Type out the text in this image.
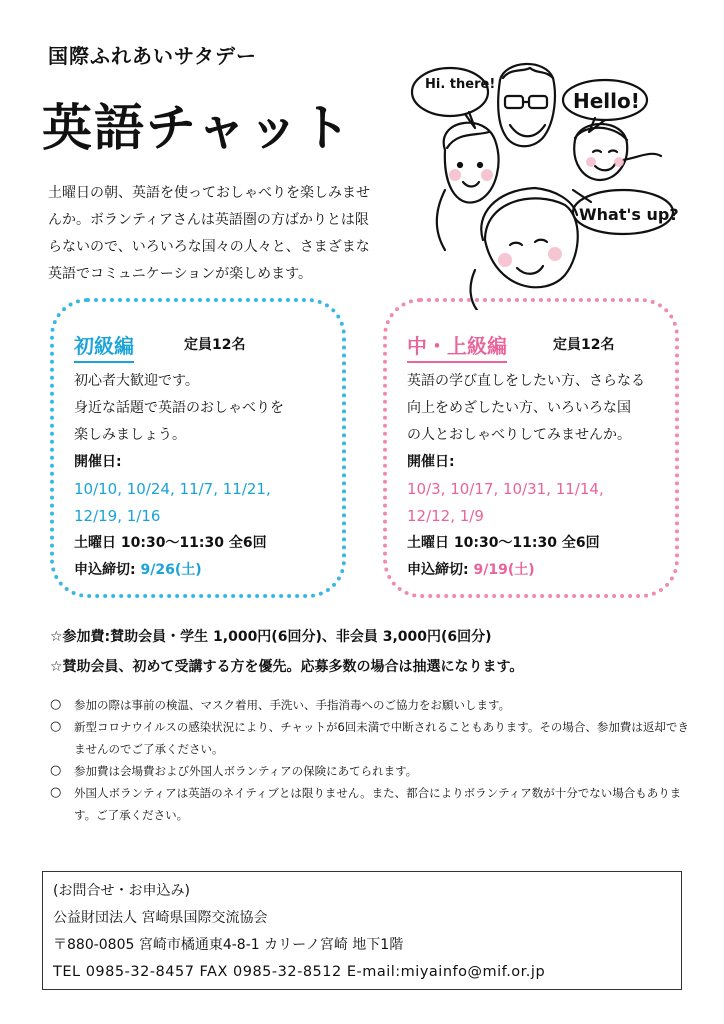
国際ふれあいサタデー
英語チャット

土曜日の朝、英語を使っておしゃべりを楽しみませ

んか。ボランティアさんは英語圏の方ばかりとは限

らないので、いろいろな国々の人々と、さまざまな

英語でコミュニケーションが楽しめます。

Hi. there!
Hello!
What's up?
初級編	定員12名
初心者大歓迎です。
身近な話題で英語のおしゃべりを
楽しみましょう。
開催日:
10/10, 10/24, 11/7, 11/21,
12/19, 1/16
土曜日 10:30〜11:30 全6回
申込締切: 9/26(土)
中・上級編	定員12名
英語の学び直しをしたい方、さらなる
向上をめざしたい方、いろいろな国
の人とおしゃべりしてみませんか。
開催日:
10/3, 10/17, 10/31, 11/14,
12/12, 1/9
土曜日 10:30〜11:30 全6回
申込締切: 9/19(土)
☆参加費:賛助会員・学生 1,000円(6回分)、非会員 3,000円(6回分)
☆賛助会員、初めて受講する方を優先。応募多数の場合は抽選になります。
○	参加の際は事前の検温、マスク着用、手洗い、手指消毒へのご協力をお願いします。
○	新型コロナウイルスの感染状況により、チャットが6回未満で中断されることもあります。その場合、参加費は返却できませんのでご了承ください。
○	参加費は会場費および外国人ボランティアの保険にあてられます。
○	外国人ボランティアは英語のネイティブとは限りません。また、都合によりボランティア数が十分でない場合もあります。ご了承ください。
(お問合せ・お申込み)
公益財団法人 宮崎県国際交流協会
〒880-0805 宮崎市橘通東4-8-1 カリーノ宮崎 地下1階
TEL 0985-32-8457 FAX 0985-32-8512 E-mail:miyainfo@mif.or.jp
